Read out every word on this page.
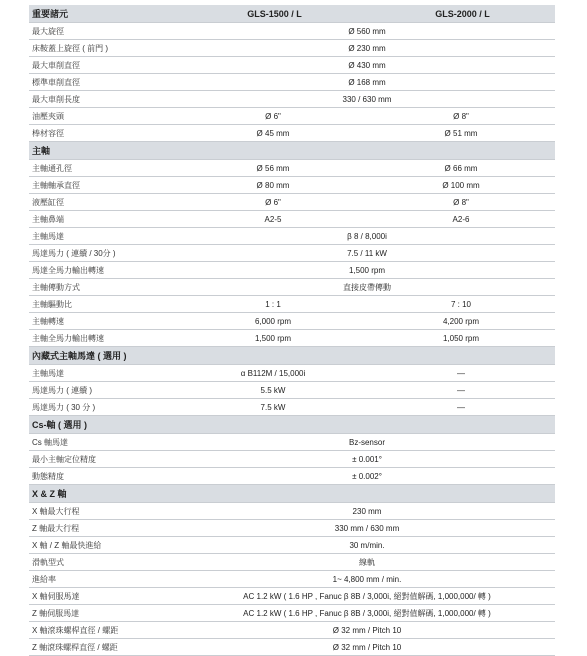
重要諸元	GLS-1500 / L	GLS-2000 / L
最大旋徑	Ø 560 mm	
床鞍蓋上旋徑 ( 前門 )	Ø 230 mm	
最大車削直徑	Ø 430 mm	
標準車削直徑	Ø 168 mm	
最大車削長度	330 / 630 mm	
油壓夾頭	Ø 6"	Ø 8"
棒材容徑	Ø 45 mm	Ø 51 mm
主軸		
主軸通孔徑	Ø 56 mm	Ø 66 mm
主軸軸承直徑	Ø 80 mm	Ø 100 mm
液壓缸徑	Ø 6"	Ø 8"
主軸鼻端	A2-5	A2-6
主軸馬達	β 8 / 8,000i	
馬達馬力 ( 連續 / 30分 )	7.5 / 11 kW	
馬達全馬力輸出轉速	1,500 rpm	
主軸傳動方式	直接皮帶傳動	
主軸驅動比	1 : 1	7 : 10
主軸轉速	6,000 rpm	4,200 rpm
主軸全馬力輸出轉速	1,500 rpm	1,050 rpm
內藏式主軸馬達 ( 選用 )		
主軸馬達	α B112M / 15,000i	—
馬達馬力 ( 連續 )	5.5 kW	—
馬達馬力 ( 30 分 )	7.5 kW	—
Cs-軸 ( 選用 )		
Cs 軸馬達	Bz-sensor	
最小主軸定位精度	± 0.001°	
動態精度	± 0.002°	
X & Z 軸		
X 軸最大行程	230 mm	
Z 軸最大行程	330 mm / 630 mm	
X 軸 / Z 軸最快進給	30 m/min.	
滑軌型式	線軌	
進給率	1~ 4,800 mm / min.	
X 軸伺服馬達	AC 1.2 kW ( 1.6 HP , Fanuc β 8B / 3,000i, 絕對值解碼, 1,000,000/ 轉 )	
Z 軸伺服馬達	AC 1.2 kW ( 1.6 HP , Fanuc β 8B / 3,000i, 絕對值解碼, 1,000,000/ 轉 )	
X 軸滾珠螺桿直徑 / 螺距	Ø 32 mm / Pitch 10	
Z 軸滾珠螺桿直徑 / 螺距	Ø 32 mm / Pitch 10	
